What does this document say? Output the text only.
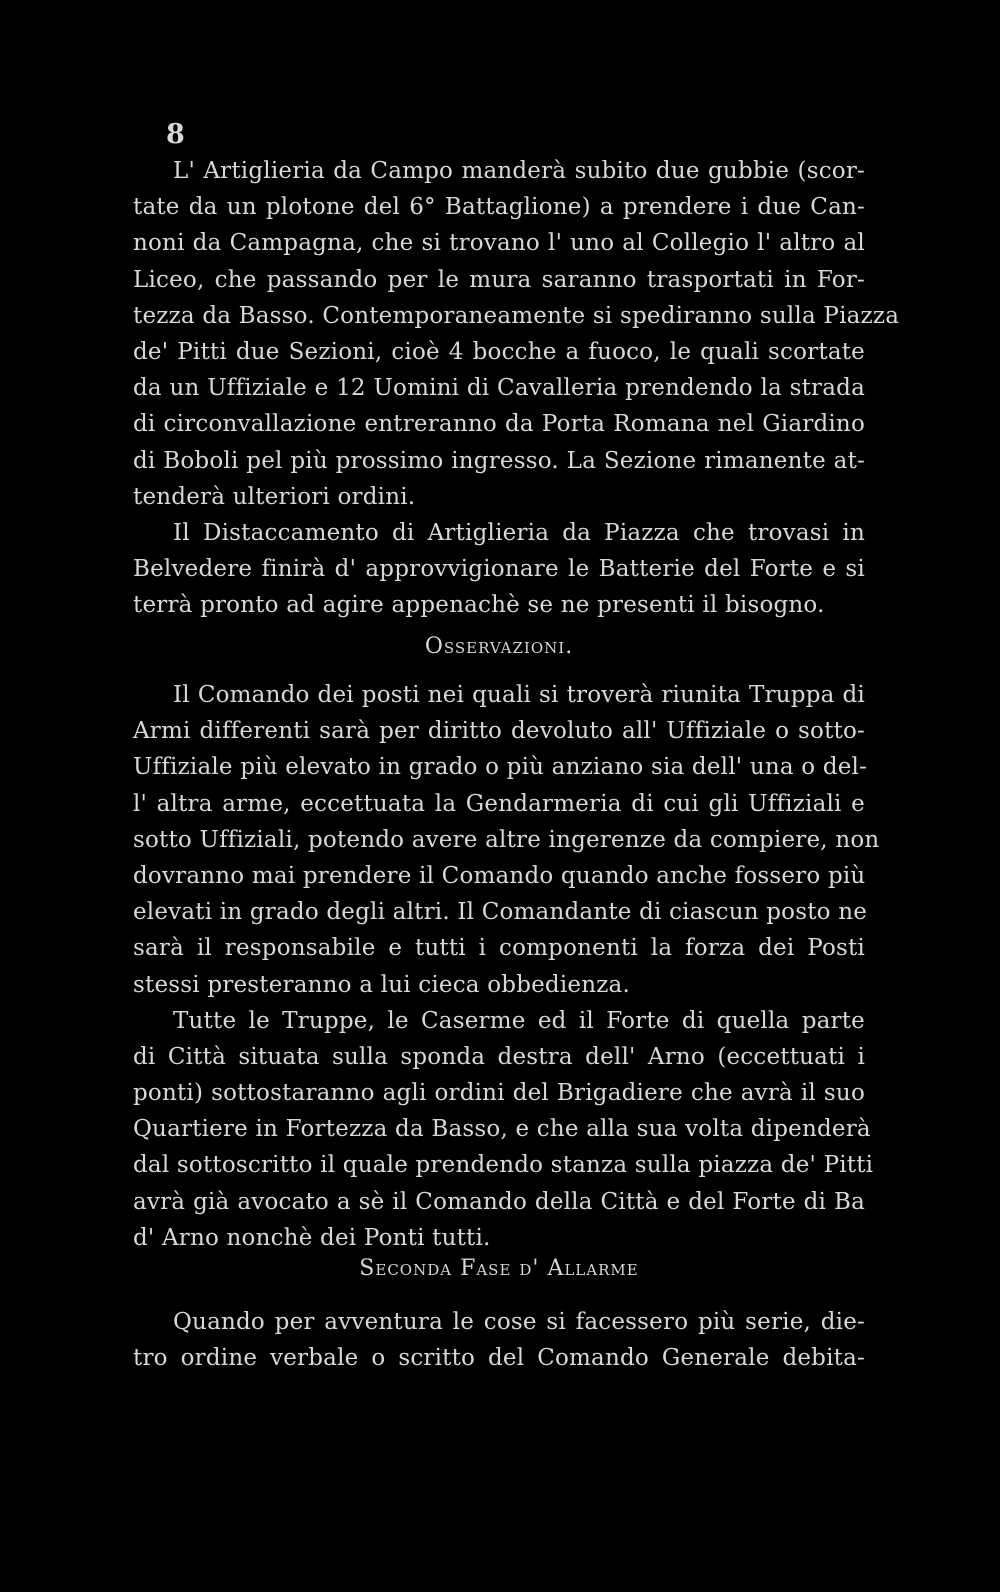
8
L' Artiglieria da Campo manderà subito due gubbie (scor-
tate da un plotone del 6° Battaglione) a prendere i due Can-
noni da Campagna, che si trovano l' uno al Collegio l' altro al
Liceo, che passando per le mura saranno trasportati in For-
tezza da Basso. Contemporaneamente si spediranno sulla Piazza
de' Pitti due Sezioni, cioè 4 bocche a fuoco, le quali scortate
da un Uffiziale e 12 Uomini di Cavalleria prendendo la strada
di circonvallazione entreranno da Porta Romana nel Giardino
di Boboli pel più prossimo ingresso. La Sezione rimanente at-
tenderà ulteriori ordini.
Il Distaccamento di Artiglieria da Piazza che trovasi in
Belvedere finirà d' approvvigionare le Batterie del Forte e si
terrà pronto ad agire appenachè se ne presenti il bisogno.
Osservazioni.
Il Comando dei posti nei quali si troverà riunita Truppa di
Armi differenti sarà per diritto devoluto all' Uffiziale o sotto-
Uffiziale più elevato in grado o più anziano sia dell' una o del-
l' altra arme, eccettuata la Gendarmeria di cui gli Uffiziali e
sotto Uffiziali, potendo avere altre ingerenze da compiere, non
dovranno mai prendere il Comando quando anche fossero più
elevati in grado degli altri. Il Comandante di ciascun posto ne
sarà il responsabile e tutti i componenti la forza dei Posti
stessi presteranno a lui cieca obbedienza.
Tutte le Truppe, le Caserme ed il Forte di quella parte
di Città situata sulla sponda destra dell' Arno (eccettuati i
ponti) sottostaranno agli ordini del Brigadiere che avrà il suo
Quartiere in Fortezza da Basso, e che alla sua volta dipenderà
dal sottoscritto il quale prendendo stanza sulla piazza de' Pitti
avrà già avocato a sè il Comando della Città e del Forte di Ba
d' Arno nonchè dei Ponti tutti.
Seconda Fase d' Allarme
Quando per avventura le cose si facessero più serie, die-
tro ordine verbale o scritto del Comando Generale debita-
